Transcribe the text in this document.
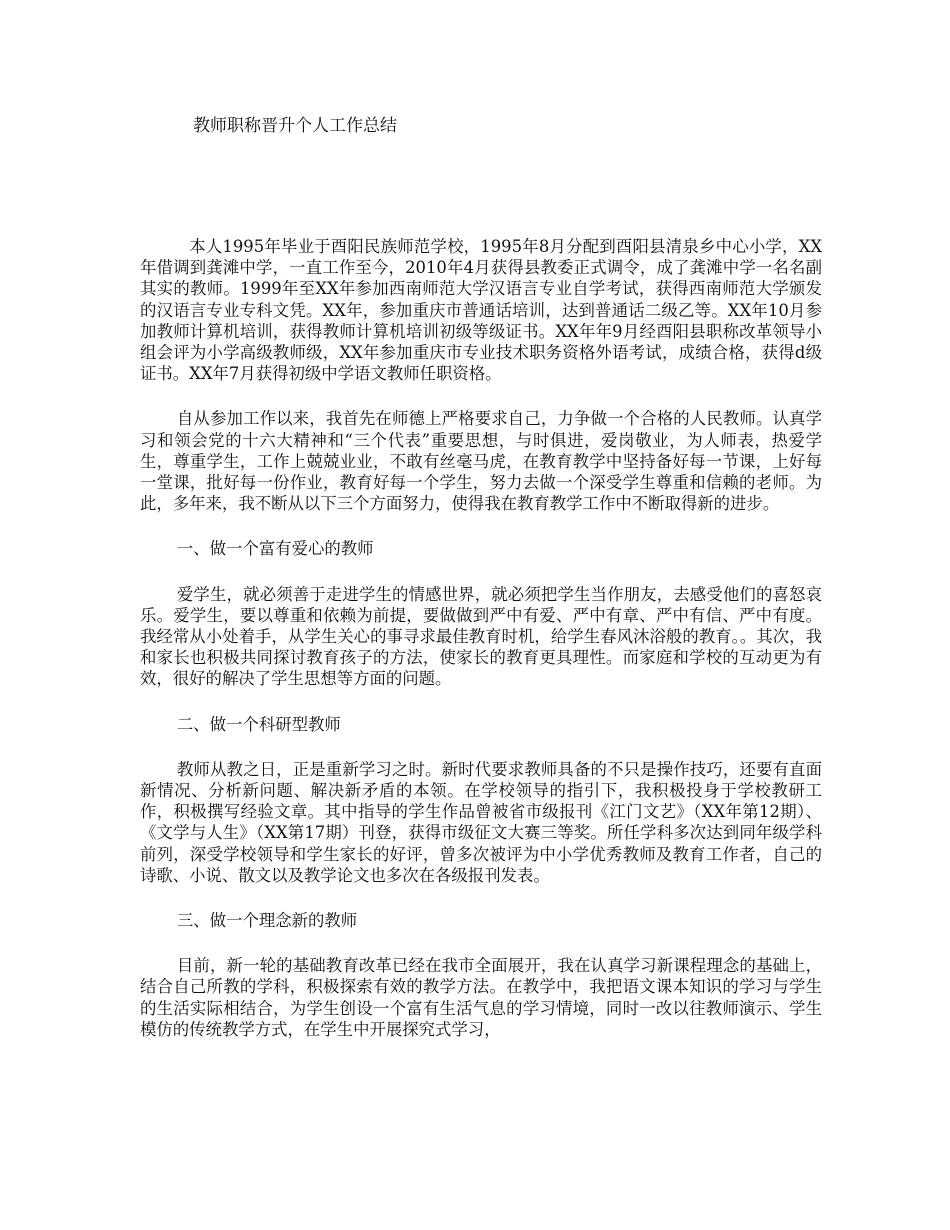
教师职称晋升个人工作总结

本人1995年毕业于酉阳民族师范学校，1995年8月分配到酉阳县清泉乡中心小学，XX年借调到龚滩中学，一直工作至今，2010年4月获得县教委正式调令，成了龚滩中学一名名副其实的教师。1999年至XX年参加西南师范大学汉语言专业自学考试，获得西南师范大学颁发的汉语言专业专科文凭。XX年，参加重庆市普通话培训，达到普通话二级乙等。XX年10月参加教师计算机培训，获得教师计算机培训初级等级证书。XX年年9月经酉阳县职称改革领导小组会评为小学高级教师级，XX年参加重庆市专业技术职务资格外语考试，成绩合格，获得d级证书。XX年7月获得初级中学语文教师任职资格。

自从参加工作以来，我首先在师德上严格要求自己，力争做一个合格的人民教师。认真学习和领会党的十六大精神和“三个代表”重要思想，与时俱进，爱岗敬业，为人师表，热爱学生，尊重学生，工作上兢兢业业，不敢有丝毫马虎，在教育教学中坚持备好每一节课，上好每一堂课，批好每一份作业，教育好每一个学生，努力去做一个深受学生尊重和信赖的老师。为此，多年来，我不断从以下三个方面努力，使得我在教育教学工作中不断取得新的进步。

一、做一个富有爱心的教师

爱学生，就必须善于走进学生的情感世界，就必须把学生当作朋友，去感受他们的喜怒哀乐。爱学生，要以尊重和依赖为前提，要做做到严中有爱、严中有章、严中有信、严中有度。我经常从小处着手，从学生关心的事寻求最佳教育时机，给学生春风沐浴般的教育。。其次，我和家长也积极共同探讨教育孩子的方法，使家长的教育更具理性。而家庭和学校的互动更为有效，很好的解决了学生思想等方面的问题。

二、做一个科研型教师

教师从教之日，正是重新学习之时。新时代要求教师具备的不只是操作技巧，还要有直面新情况、分析新问题、解决新矛盾的本领。在学校领导的指引下，我积极投身于学校教研工作，积极撰写经验文章。其中指导的学生作品曾被省市级报刊《江门文艺》（XX年第12期）、《文学与人生》（XX第17期）刊登，获得市级征文大赛三等奖。所任学科多次达到同年级学科前列，深受学校领导和学生家长的好评，曾多次被评为中小学优秀教师及教育工作者，自己的诗歌、小说、散文以及教学论文也多次在各级报刊发表。

三、做一个理念新的教师

目前，新一轮的基础教育改革已经在我市全面展开，我在认真学习新课程理念的基础上，结合自己所教的学科，积极探索有效的教学方法。在教学中，我把语文课本知识的学习与学生的生活实际相结合，为学生创设一个富有生活气息的学习情境，同时一改以往教师演示、学生模仿的传统教学方式，在学生中开展探究式学习，
